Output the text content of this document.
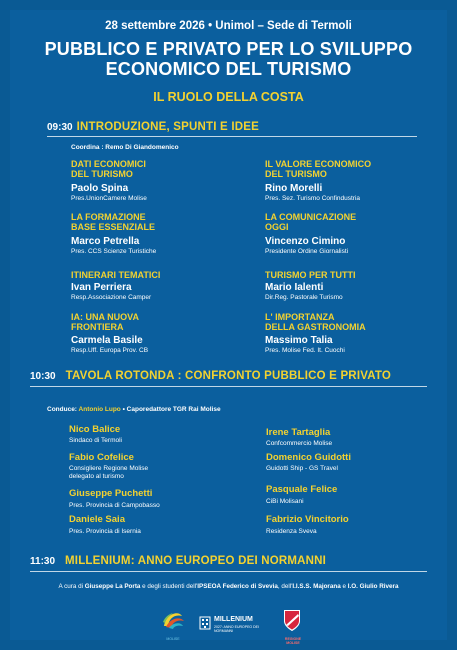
28 settembre 2026 • Unimol – Sede di Termoli
PUBBLICO E PRIVATO PER LO SVILUPPO
ECONOMICO DEL TURISMO
IL RUOLO DELLA COSTA
09:30 INTRODUZIONE, SPUNTI E IDEE
Coordina : Remo Di Giandomenico
DATI ECONOMICI
DEL TURISMO
Paolo Spina
Pres.UnionCamere Molise
LA FORMAZIONE
BASE ESSENZIALE
Marco Petrella
Pres. CCS Scienze Turistiche
ITINERARI TEMATICI
Ivan Perriera
Resp.Associazione Camper
IA: UNA NUOVA
FRONTIERA
Carmela Basile
Resp.Uff. Europa Prov. CB
IL VALORE ECONOMICO
DEL TURISMO
Rino Morelli
Pres. Sez. Turismo Confindustria
LA COMUNICAZIONE
OGGI
Vincenzo Cimino
Presidente Ordine Giornalisti
TURISMO PER TUTTI
Mario Ialenti
Dir.Reg. Pastorale Turismo
L' IMPORTANZA
DELLA GASTRONOMIA
Massimo Talia
Pres. Molise Fed. It. Cuochi
10:30 TAVOLA ROTONDA : CONFRONTO PUBBLICO E PRIVATO
Conduce: Antonio Lupo • Caporedattore TGR Rai Molise
Nico Balice
Sindaco di Termoli
Fabio Cofelice
Consigliere Regione Molise
delegato al turismo
Giuseppe Puchetti
Pres. Provincia di Campobasso
Daniele Saia
Pres. Provincia di Isernia
Irene Tartaglia
Confcommercio Molise
Domenico Guidotti
Guidotti Ship - GS Travel
Pasquale Felice
CiBi Molisani
Fabrizio Vincitorio
Residenza Sveva
11:30 MILLENIUM: ANNO EUROPEO DEI NORMANNI
A cura di Giuseppe La Porta e degli studenti dell'IPSEOA Federico di Svevia, dell'I.I.S.S. Majorana e I.O. Giulio Rivera
MOLISE
MILLENIUM
2027: ANNO EUROPEO DEI NORMANNI
REGIONE MOLISE
